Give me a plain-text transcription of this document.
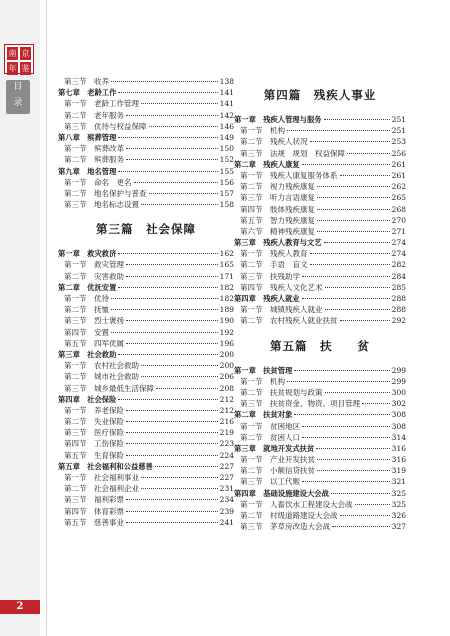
南 京
年 鉴
目
录
2
第三节 收养	138
第七章　老龄工作	141
第一节 老龄工作管理	141
第二节 老年服务	142
第三节 优待与权益保障	146
第八章　殡葬管理	149
第一节 殡葬改革	150
第二节 殡葬服务	152
第九章　地名管理	155
第一节 命名　更名	156
第二节 地名保护与普查	157
第三节 地名标志设置	158
第三篇　社会保障
第一章　救灾救济	162
第一节 救灾管理	165
第二节 灾害救助	171
第二章　优抚安置	182
第一节 优待	182
第二节 抚恤	189
第三节 烈士褒扬	190
第四节 安置	192
第五节 四军优属	196
第三章　社会救助	200
第一节 农村社会救助	200
第二节 城市社会救助	206
第三节 城乡最低生活保障	208
第四章　社会保险	212
第一节 养老保险	212
第二节 失业保险	216
第三节 医疗保险	219
第四节 工伤保险	223
第五节 生育保险	224
第五章　社会福利和公益慈善	227
第一节 社会福利事业	227
第二节 社会福利企业	231
第三节 福利彩票	234
第四节 体育彩票	239
第五节 慈善事业	241
第四篇　残疾人事业
第一章　残疾人管理与服务	251
第一节 机构	251
第二节 残疾人状况	253
第三节 法规　规划　权益保障	256
第二章　残疾人康复	261
第一节 残疾人康复服务体系	261
第二节 视力残疾康复	262
第三节 听力言语康复	265
第四节 肢体残疾康复	268
第五节 智力残疾康复	270
第六节 精神残疾康复	271
第三章　残疾人教育与文艺	274
第一节 残疾人教育	274
第二节 手语　盲文	282
第三节 扶残助学	284
第四节 残疾人文化艺术	285
第四章　残疾人就业	288
第一节 城镇残疾人就业	288
第二节 农村残疾人就业扶贫	292
第五篇　扶　　贫
第一章　扶贫管理	299
第一节 机构	299
第二节 扶贫规划与政策	300
第三节 扶贫资金、物资、项目管理	302
第二章　扶贫对象	308
第一节 贫困地区	308
第二节 贫困人口	314
第三章　就地开发式扶贫	316
第一节 产业开发扶贫	316
第二节 小额信贷扶贫	319
第三节 以工代赈	321
第四章　基础设施建设大会战	325
第一节 人畜饮水工程建设大会战	325
第二节 村级道路建设大会战	326
第三节 茅草房改造大会战	327
